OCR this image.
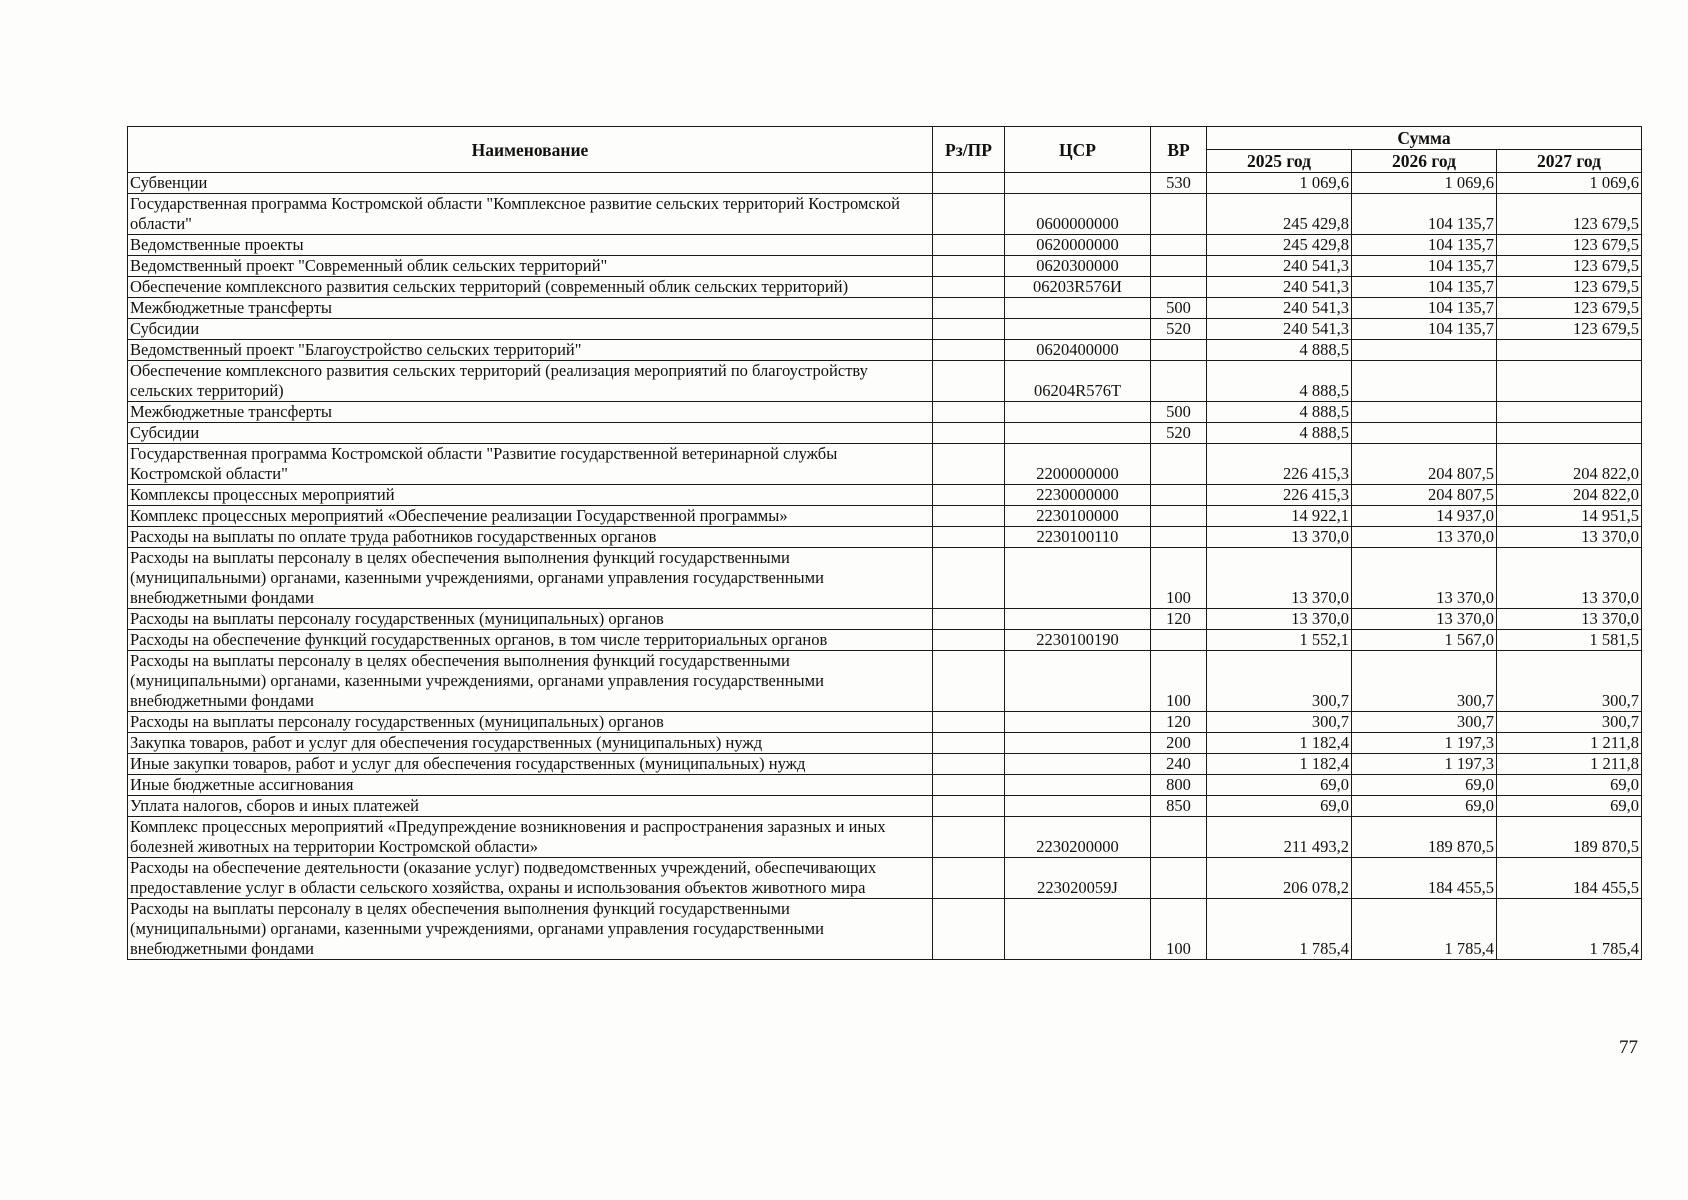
Наименование	Рз/ПР	ЦСР	ВР	Сумма		
				2025 год	2026 год	2027 год
Субвенции			530	1 069,6	1 069,6	1 069,6
Государственная программа Костромской области "Комплексное развитие сельских территорий Костромской области"		0600000000		245 429,8	104 135,7	123 679,5
Ведомственные проекты		0620000000		245 429,8	104 135,7	123 679,5
Ведомственный проект "Современный облик сельских территорий"		0620300000		240 541,3	104 135,7	123 679,5
Обеспечение комплексного развития сельских территорий (современный облик сельских территорий)		06203R576И		240 541,3	104 135,7	123 679,5
Межбюджетные трансферты			500	240 541,3	104 135,7	123 679,5
Субсидии			520	240 541,3	104 135,7	123 679,5
Ведомственный проект "Благоустройство сельских территорий"		0620400000		4 888,5		
Обеспечение комплексного развития сельских территорий (реализация мероприятий по благоустройству сельских территорий)		06204R576Т		4 888,5		
Межбюджетные трансферты			500	4 888,5		
Субсидии			520	4 888,5		
Государственная программа Костромской области "Развитие государственной ветеринарной службы Костромской области"		2200000000		226 415,3	204 807,5	204 822,0
Комплексы процессных мероприятий		2230000000		226 415,3	204 807,5	204 822,0
Комплекс процессных мероприятий «Обеспечение реализации Государственной программы»		2230100000		14 922,1	14 937,0	14 951,5
Расходы на выплаты по оплате труда работников государственных органов		2230100110		13 370,0	13 370,0	13 370,0
Расходы на выплаты персоналу в целях обеспечения выполнения функций государственными (муниципальными) органами, казенными учреждениями, органами управления государственными внебюджетными фондами			100	13 370,0	13 370,0	13 370,0
Расходы на выплаты персоналу государственных (муниципальных) органов			120	13 370,0	13 370,0	13 370,0
Расходы на обеспечение функций государственных органов, в том числе территориальных органов		2230100190		1 552,1	1 567,0	1 581,5
Расходы на выплаты персоналу в целях обеспечения выполнения функций государственными (муниципальными) органами, казенными учреждениями, органами управления государственными внебюджетными фондами			100	300,7	300,7	300,7
Расходы на выплаты персоналу государственных (муниципальных) органов			120	300,7	300,7	300,7
Закупка товаров, работ и услуг для обеспечения государственных (муниципальных) нужд			200	1 182,4	1 197,3	1 211,8
Иные закупки товаров, работ и услуг для обеспечения государственных (муниципальных) нужд			240	1 182,4	1 197,3	1 211,8
Иные бюджетные ассигнования			800	69,0	69,0	69,0
Уплата налогов, сборов и иных платежей			850	69,0	69,0	69,0
Комплекс процессных мероприятий «Предупреждение возникновения и распространения заразных и иных болезней животных на территории Костромской области»		2230200000		211 493,2	189 870,5	189 870,5
Расходы на обеспечение деятельности (оказание услуг) подведомственных учреждений, обеспечивающих предоставление услуг в области сельского хозяйства, охраны и использования объектов животного мира		223020059J		206 078,2	184 455,5	184 455,5
Расходы на выплаты персоналу в целях обеспечения выполнения функций государственными (муниципальными) органами, казенными учреждениями, органами управления государственными внебюджетными фондами			100	1 785,4	1 785,4	1 785,4
77
